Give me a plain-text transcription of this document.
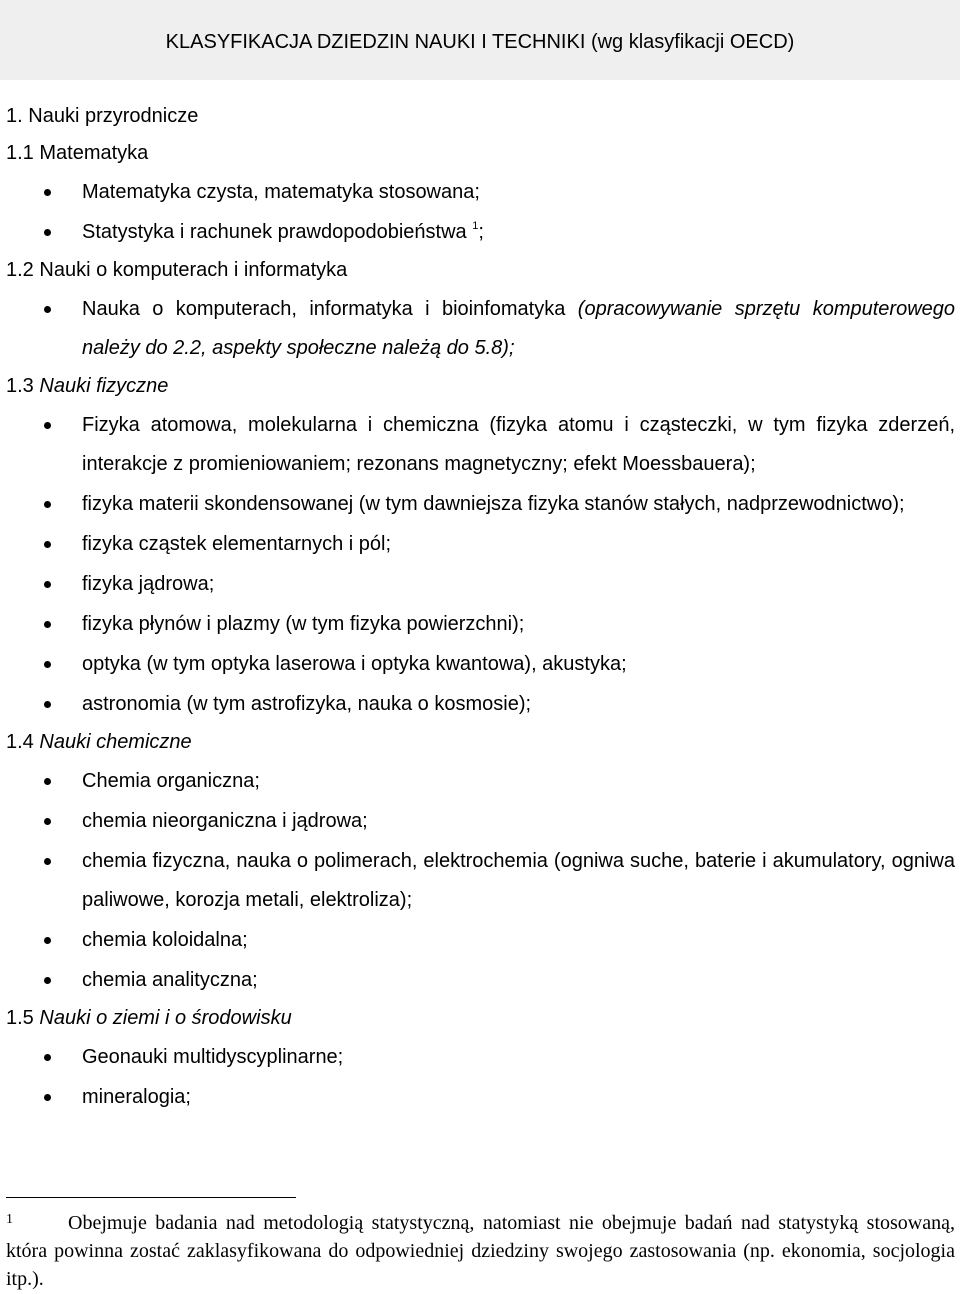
KLASYFIKACJA DZIEDZIN NAUKI I TECHNIKI (wg klasyfikacji OECD)
1. Nauki przyrodnicze
1.1 Matematyka
Matematyka czysta, matematyka stosowana;
Statystyka i rachunek prawdopodobieństwa $^1$;
1.2 Nauki o komputerach i informatyka
Nauka o komputerach, informatyka i bioinfomatyka (opracowywanie sprzętu komputerowego należy do 2.2, aspekty społeczne należą do 5.8);
1.3 Nauki fizyczne
Fizyka atomowa, molekularna i chemiczna (fizyka atomu i cząsteczki, w tym fizyka zderzeń, interakcje z promieniowaniem; rezonans magnetyczny; efekt Moessbauera);
fizyka materii skondensowanej (w tym dawniejsza fizyka stanów stałych, nadprzewodnictwo);
fizyka cząstek elementarnych i pól;
fizyka jądrowa;
fizyka płynów i plazmy (w tym fizyka powierzchni);
optyka (w tym optyka laserowa i optyka kwantowa), akustyka;
astronomia (w tym astrofizyka, nauka o kosmosie);
1.4 Nauki chemiczne
Chemia organiczna;
chemia nieorganiczna i jądrowa;
chemia fizyczna, nauka o polimerach, elektrochemia (ogniwa suche, baterie i akumulatory, ogniwa paliwowe, korozja metali, elektroliza);
chemia koloidalna;
chemia analityczna;
1.5 Nauki o ziemi i o środowisku
Geonauki multidyscyplinarne;
mineralogia;
1	Obejmuje badania nad metodologią statystyczną, natomiast nie obejmuje badań nad statystyką stosowaną, która powinna zostać zaklasyfikowana do odpowiedniej dziedziny swojego zastosowania (np. ekonomia, socjologia itp.).
